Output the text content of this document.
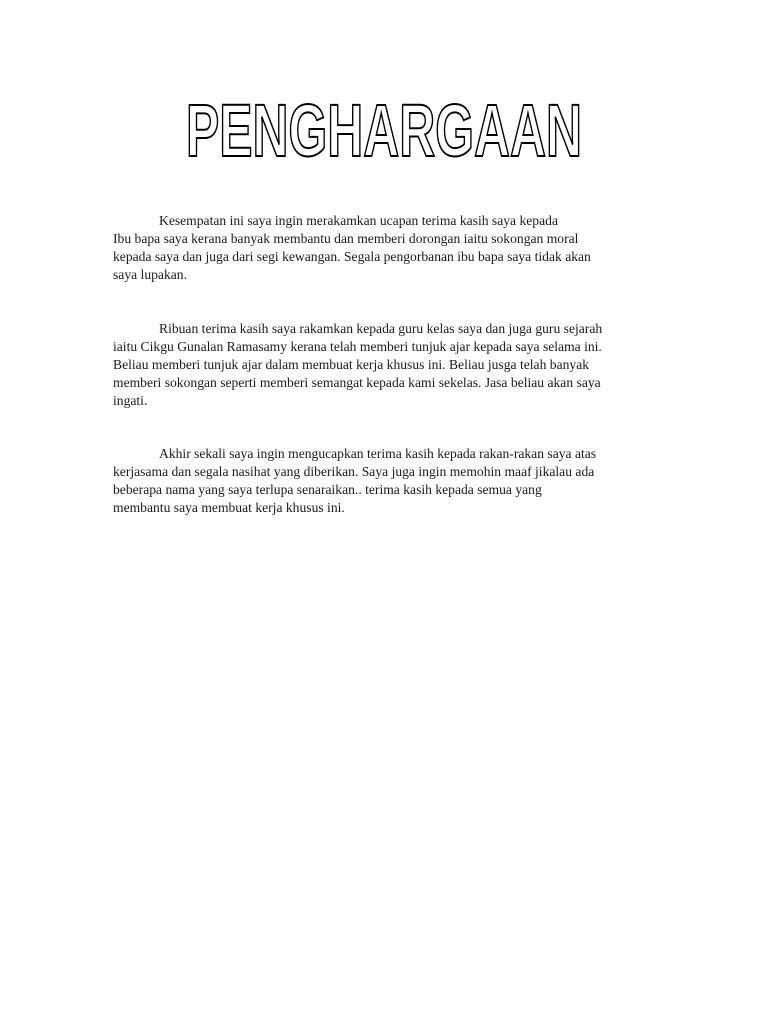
PENGHARGAAN
Kesempatan ini saya ingin merakamkan ucapan terima kasih saya kepada
Ibu bapa saya kerana banyak membantu dan memberi dorongan iaitu sokongan moral
kepada saya dan juga dari segi kewangan. Segala pengorbanan ibu bapa saya tidak akan
saya lupakan.
Ribuan terima kasih saya rakamkan kepada guru kelas saya dan juga guru sejarah
iaitu Cikgu Gunalan Ramasamy kerana telah memberi tunjuk ajar kepada saya selama ini.
Beliau memberi tunjuk ajar dalam membuat kerja khusus ini. Beliau jusga telah banyak
memberi sokongan seperti memberi semangat kepada kami sekelas. Jasa beliau akan saya
ingati.
Akhir sekali saya ingin mengucapkan terima kasih kepada rakan-rakan saya atas
kerjasama dan segala nasihat yang diberikan. Saya juga ingin memohin maaf jikalau ada
beberapa nama yang saya terlupa senaraikan.. terima kasih kepada semua yang
membantu saya membuat kerja khusus ini.
